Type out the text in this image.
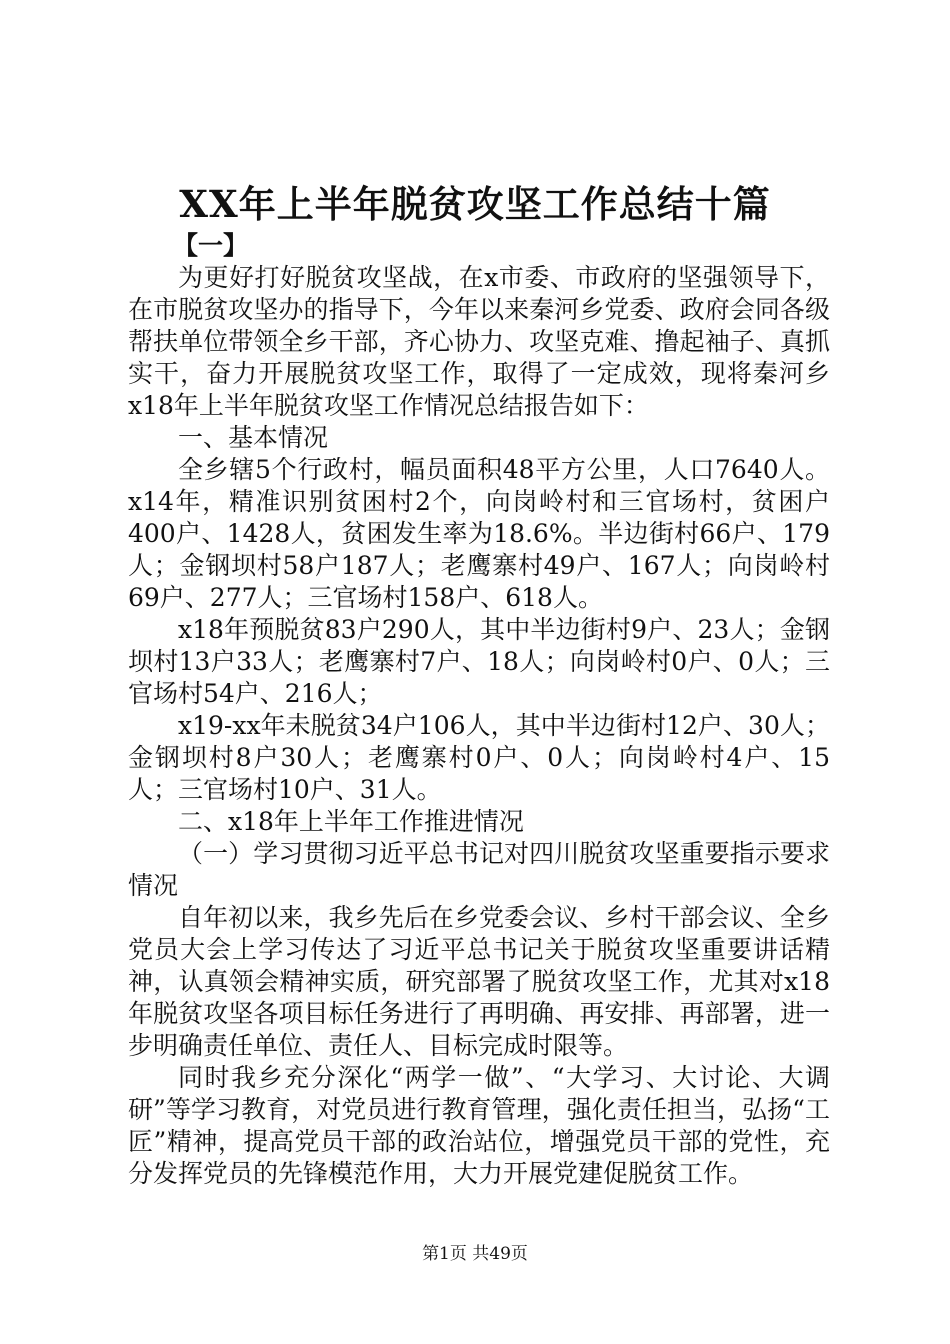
XX年上半年脱贫攻坚工作总结十篇

【一】

为更好打好脱贫攻坚战，在x市委、市政府的坚强领导下，在市脱贫攻坚办的指导下，今年以来秦河乡党委、政府会同各级帮扶单位带领全乡干部，齐心协力、攻坚克难、撸起袖子、真抓实干，奋力开展脱贫攻坚工作，取得了一定成效，现将秦河乡x18年上半年脱贫攻坚工作情况总结报告如下：

一、基本情况

全乡辖5个行政村，幅员面积48平方公里，人口7640人。x14年，精准识别贫困村2个，向岗岭村和三官场村，贫困户400户、1428人，贫困发生率为18.6%。半边街村66户、179人；金钢坝村58户187人；老鹰寨村49户、167人；向岗岭村69户、277人；三官场村158户、618人。

x18年预脱贫83户290人，其中半边街村9户、23人；金钢坝村13户33人；老鹰寨村7户、18人；向岗岭村0户、0人；三官场村54户、216人；

x19-xx年未脱贫34户106人，其中半边街村12户、30人；金钢坝村8户30人；老鹰寨村0户、0人；向岗岭村4户、15人；三官场村10户、31人。

二、x18年上半年工作推进情况

（一）学习贯彻习近平总书记对四川脱贫攻坚重要指示要求情况

自年初以来，我乡先后在乡党委会议、乡村干部会议、全乡党员大会上学习传达了习近平总书记关于脱贫攻坚重要讲话精神，认真领会精神实质，研究部署了脱贫攻坚工作，尤其对x18年脱贫攻坚各项目标任务进行了再明确、再安排、再部署，进一步明确责任单位、责任人、目标完成时限等。

同时我乡充分深化“两学一做”、“大学习、大讨论、大调研”等学习教育，对党员进行教育管理，强化责任担当，弘扬“工匠”精神，提高党员干部的政治站位，增强党员干部的党性，充分发挥党员的先锋模范作用，大力开展党建促脱贫工作。

第1页 共49页
